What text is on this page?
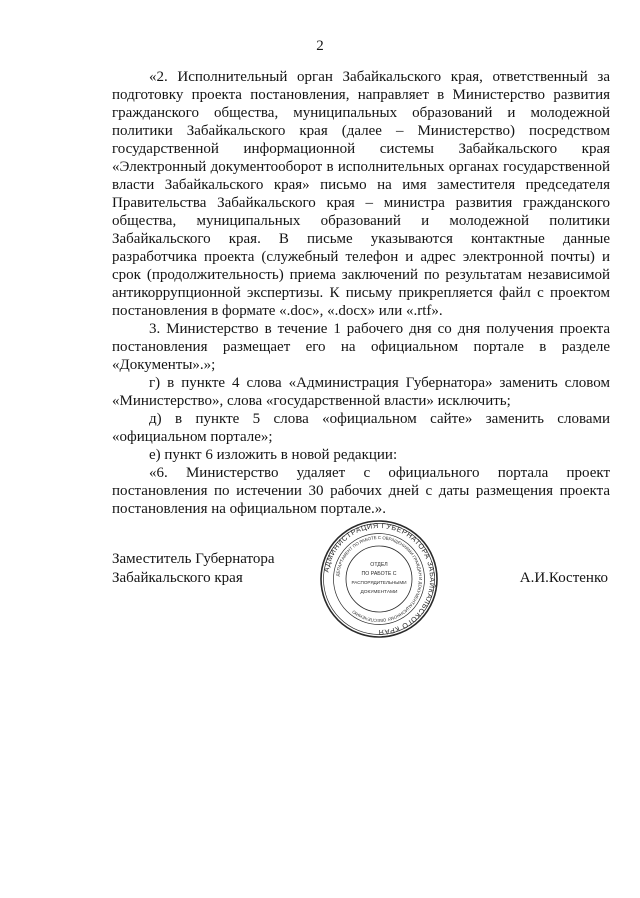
2

«2. Исполнительный орган Забайкальского края, ответственный за подготовку проекта постановления, направляет в Министерство развития гражданского общества, муниципальных образований и молодежной политики Забайкальского края (далее – Министерство) посредством государственной информационной системы Забайкальского края «Электронный документооборот в исполнительных органах государственной власти Забайкальского края» письмо на имя заместителя председателя Правительства Забайкальского края – министра развития гражданского общества, муниципальных образований и молодежной политики Забайкальского края. В письме указываются контактные данные разработчика проекта (служебный телефон и адрес электронной почты) и срок (продолжительность) приема заключений по результатам независимой антикоррупционной экспертизы. К письму прикрепляется файл с проектом постановления в формате «.doc», «.docx» или «.rtf».

3. Министерство в течение 1 рабочего дня со дня получения проекта постановления размещает его на официальном портале в разделе «Документы».»;

г) в пункте 4 слова «Администрация Губернатора» заменить словом «Министерство», слова «государственной власти» исключить;

д) в пункте 5 слова «официальном сайте» заменить словами «официальном портале»;

е) пункт 6 изложить в новой редакции:

«6. Министерство удаляет с официального портала проект постановления по истечении 30 рабочих дней с даты размещения проекта постановления на официальном портале.».

Заместитель Губернатора
Забайкальского края	А.И.Костенко
АДМИНИСТРАЦИЯ ГУБЕРНАТОРА ЗАБАЙКАЛЬСКОГО КРАЯ
ДЕПАРТАМЕНТ ПО РАБОТЕ С ОБРАЩЕНИЯМИ ГРАЖДАН И ДОКУМЕНТАЦИОННОМУ ОБЕСПЕЧЕНИЮ
ОТДЕЛ
ПО РАБОТЕ С
РАСПОРЯДИТЕЛЬНЫМИ
ДОКУМЕНТАМИ
